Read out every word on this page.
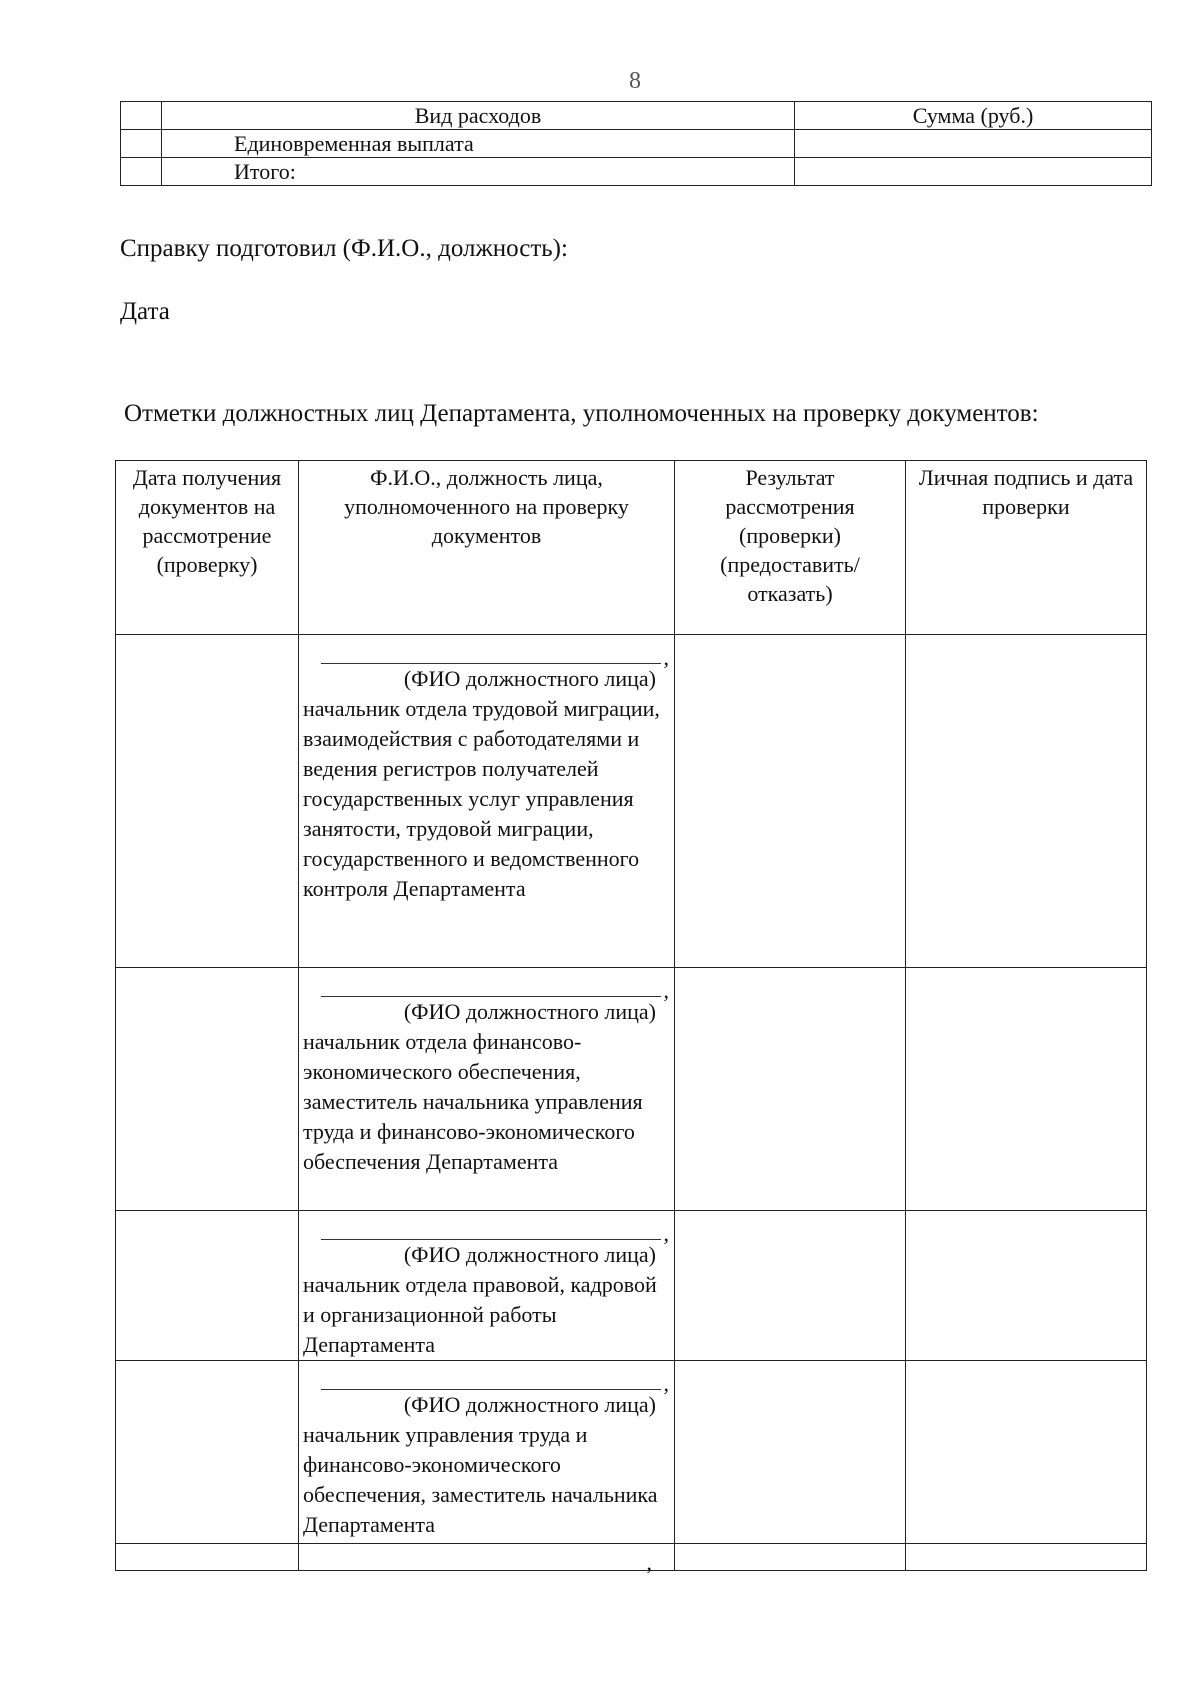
8
	Вид расходов	Сумма (руб.)
	Единовременная выплата	
	Итого:	
Справку подготовил (Ф.И.О., должность):
Дата
Отметки должностных лиц Департамента, уполномоченных на проверку документов:
Дата получения документов на рассмотрение (проверку)	Ф.И.О., должность лица, уполномоченного на проверку документов	Результат рассмотрения (проверки) (предоставить/ отказать)	Личная подпись и дата проверки

	,
(ФИО должностного лица)
начальник отдела трудовой миграции, взаимодействия с работодателями и ведения регистров получателей государственных услуг управления занятости, трудовой миграции, государственного и ведомственного контроля Департамента		

	,
(ФИО должностного лица)
начальник отдела финансово-экономического обеспечения, заместитель начальника управления труда и финансово-экономического обеспечения Департамента		

	,
(ФИО должностного лица)
начальник отдела правовой, кадровой и организационной работы Департамента		

	,
(ФИО должностного лица)
начальник управления труда и финансово-экономического обеспечения, заместитель начальника Департамента		

	,		
